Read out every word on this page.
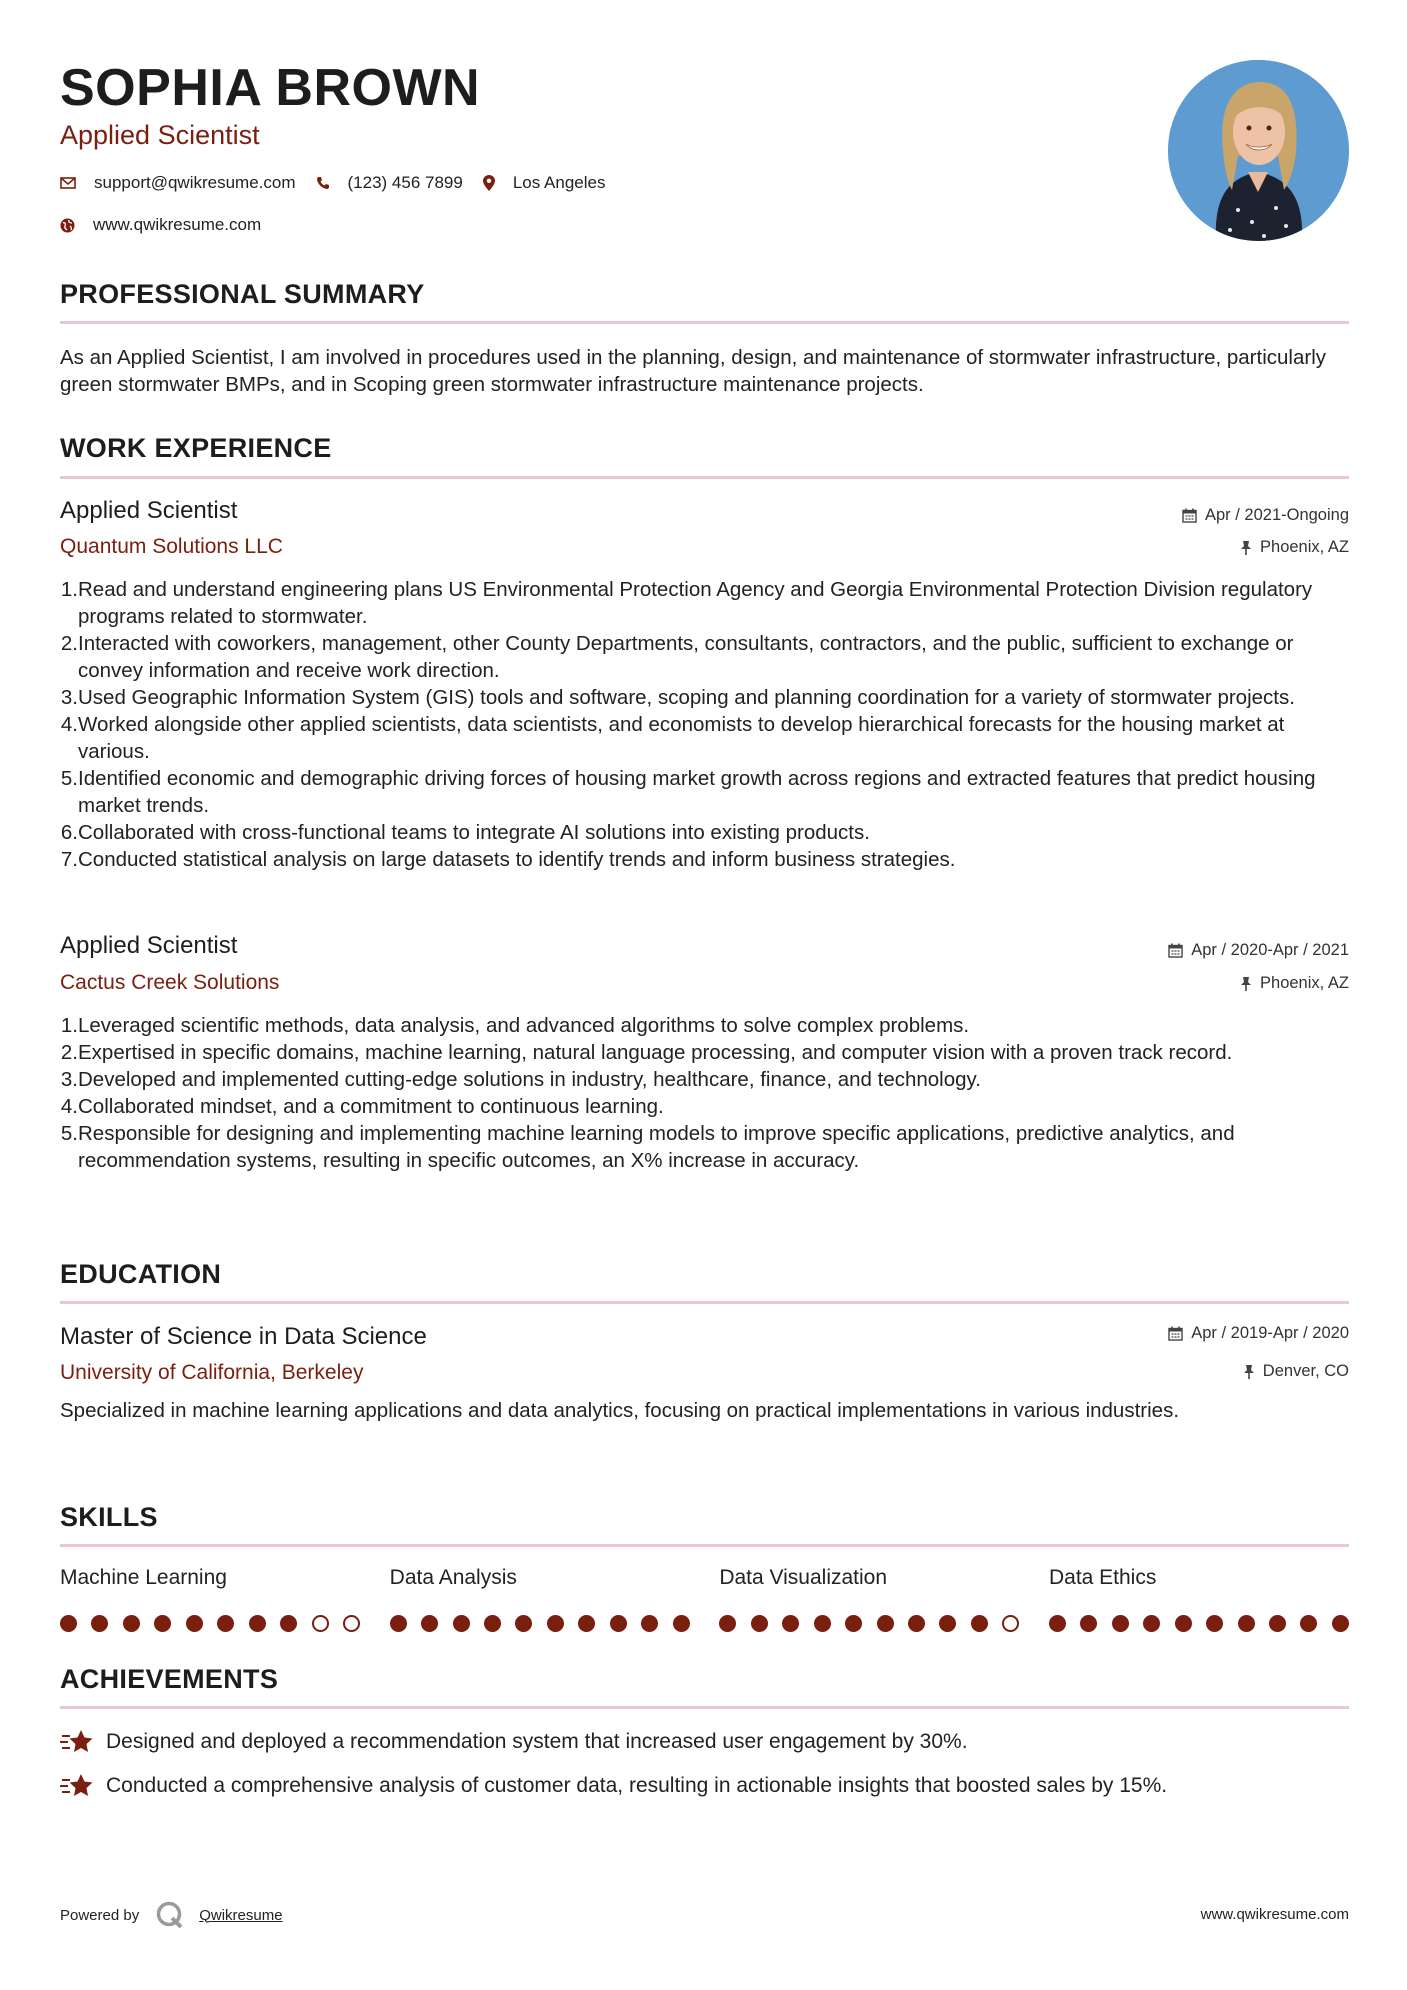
SOPHIA BROWN
Applied Scientist
support@qwikresume.com	(123) 456 7899	Los Angeles
www.qwikresume.com
PROFESSIONAL SUMMARY
As an Applied Scientist, I am involved in procedures used in the planning, design, and maintenance of stormwater infrastructure, particularly green stormwater BMPs, and in Scoping green stormwater infrastructure maintenance projects.
WORK EXPERIENCE
Applied Scientist
Quantum Solutions LLC
Apr / 2021-Ongoing
Phoenix, AZ
1. Read and understand engineering plans US Environmental Protection Agency and Georgia Environmental Protection Division regulatory programs related to stormwater.
2. Interacted with coworkers, management, other County Departments, consultants, contractors, and the public, sufficient to exchange or convey information and receive work direction.
3. Used Geographic Information System (GIS) tools and software, scoping and planning coordination for a variety of stormwater projects.
4. Worked alongside other applied scientists, data scientists, and economists to develop hierarchical forecasts for the housing market at various.
5. Identified economic and demographic driving forces of housing market growth across regions and extracted features that predict housing market trends.
6. Collaborated with cross-functional teams to integrate AI solutions into existing products.
7. Conducted statistical analysis on large datasets to identify trends and inform business strategies.
Applied Scientist
Cactus Creek Solutions
Apr / 2020-Apr / 2021
Phoenix, AZ
1. Leveraged scientific methods, data analysis, and advanced algorithms to solve complex problems.
2. Expertised in specific domains, machine learning, natural language processing, and computer vision with a proven track record.
3. Developed and implemented cutting-edge solutions in industry, healthcare, finance, and technology.
4. Collaborated mindset, and a commitment to continuous learning.
5. Responsible for designing and implementing machine learning models to improve specific applications, predictive analytics, and recommendation systems, resulting in specific outcomes, an X% increase in accuracy.
EDUCATION
Master of Science in Data Science
University of California, Berkeley
Apr / 2019-Apr / 2020
Denver, CO
Specialized in machine learning applications and data analytics, focusing on practical implementations in various industries.
SKILLS
Machine Learning	Data Analysis	Data Visualization	Data Ethics
ACHIEVEMENTS
Designed and deployed a recommendation system that increased user engagement by 30%.
Conducted a comprehensive analysis of customer data, resulting in actionable insights that boosted sales by 15%.
Powered by	Qwikresume	www.qwikresume.com
